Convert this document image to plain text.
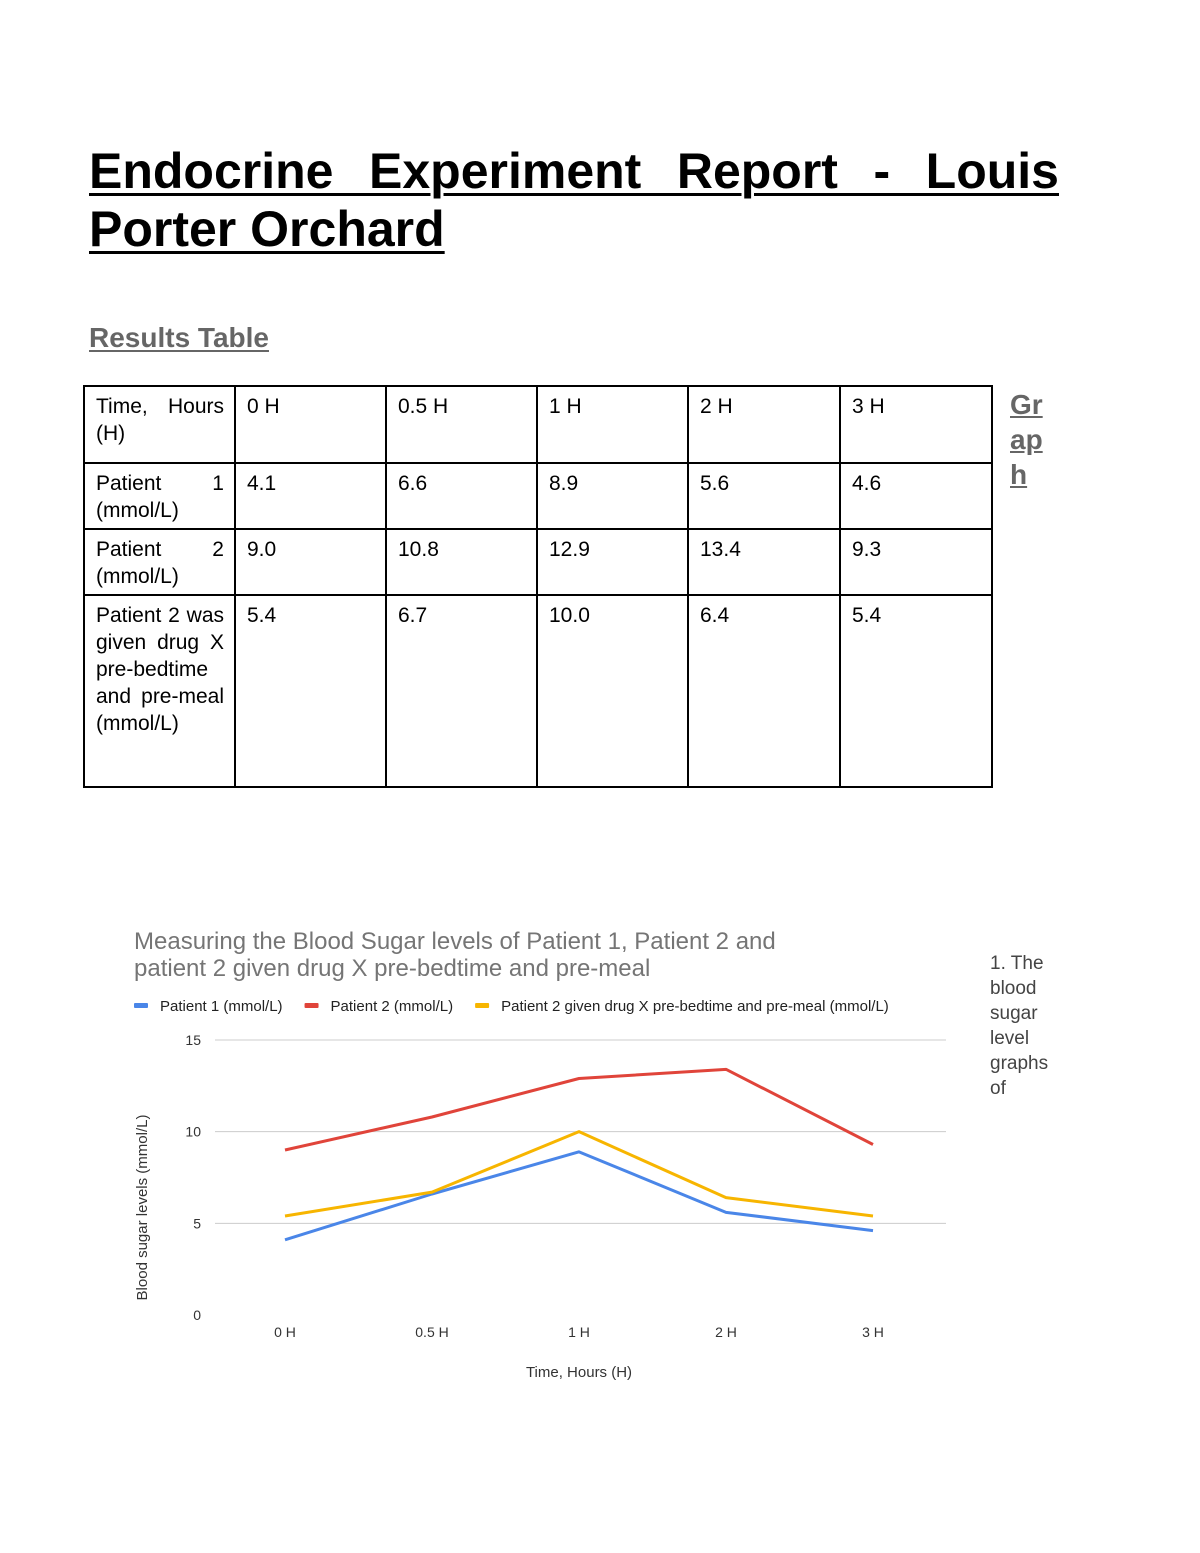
Endocrine Experiment Report - Louis Porter Orchard
Results Table
Time, Hours (H)	0 H	0.5 H	1 H	2 H	3 H
Patient 1 (mmol/L)	4.1	6.6	8.9	5.6	4.6
Patient 2 (mmol/L)	9.0	10.8	12.9	13.4	9.3
Patient 2 was given drug X pre-bedtime and pre-meal (mmol/L)	5.4	6.7	10.0	6.4	5.4
Graph
1. The blood sugar level graphs of
Measuring the Blood Sugar levels of Patient 1, Patient 2 and patient 2 given drug X pre-bedtime and pre-meal
Patient 1 (mmol/L)	Patient 2 (mmol/L)	Patient 2 given drug X pre-bedtime and pre-meal (mmol/L)
0
5
10
15
0 H	0.5 H	1 H	2 H	3 H
Time, Hours (H)
Blood sugar levels (mmol/L)
